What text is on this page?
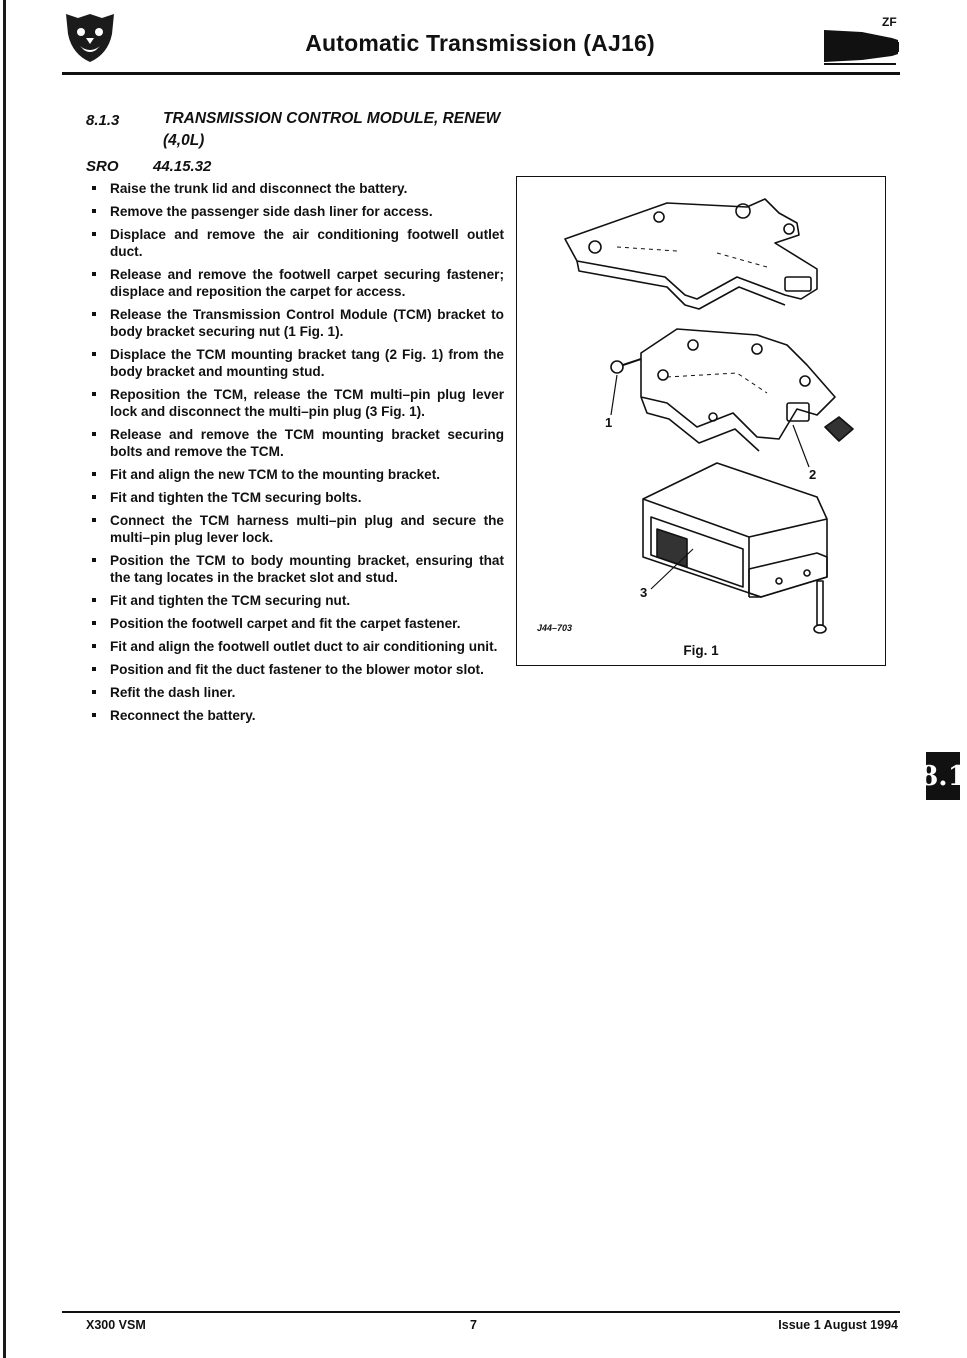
Automatic Transmission (AJ16)
ZF
8.1.3	TRANSMISSION CONTROL MODULE, RENEW (4,0L)
SRO 44.15.32
Raise the trunk lid and disconnect the battery.
Remove the passenger side dash liner for access.
Displace and remove the air conditioning footwell outlet duct.
Release and remove the footwell carpet securing fastener; displace and reposition the carpet for access.
Release the Transmission Control Module (TCM) bracket to body bracket securing nut (1 Fig. 1).
Displace the TCM mounting bracket tang (2 Fig. 1) from the body bracket and mounting stud.
Reposition the TCM, release the TCM multi–pin plug lever lock and disconnect the multi–pin plug (3 Fig. 1).
Release and remove the TCM mounting bracket securing bolts and remove the TCM.
Fit and align the new TCM to the mounting bracket.
Fit and tighten the TCM securing bolts.
Connect the TCM harness multi–pin plug and secure the multi–pin plug lever lock.
Position the TCM to body mounting bracket, ensuring that the tang locates in the bracket slot and stud.
Fit and tighten the TCM securing nut.
Position the footwell carpet and fit the carpet fastener.
Fit and align the footwell outlet duct to air conditioning unit.
Position and fit the duct fastener to the blower motor slot.
Refit the dash liner.
Reconnect the battery.
1
2
3
J44–703
Fig. 1
8.1
X300 VSM	7	Issue 1 August 1994
